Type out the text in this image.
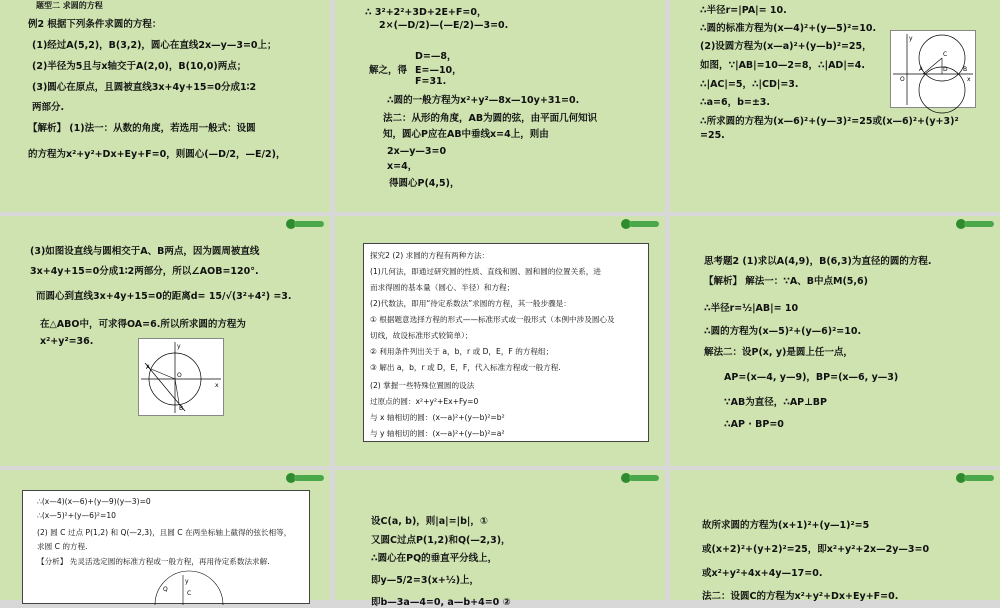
题型二 求圆的方程
例2 根据下列条件求圆的方程：
(1)经过A(5,2)，B(3,2)，圆心在直线2x—y—3=0上；
(2)半径为5且与x轴交于A(2,0)，B(10,0)两点；
(3)圆心在原点，且圆被直线3x+4y+15=0分成1∶2
两部分.
【解析】 (1)法一：从数的角度，若选用一般式：设圆
的方程为x²+y²+Dx+Ey+F=0，则圆心(—D/2，—E/2)，
∴ 3²+2²+3D+2E+F=0，
2×(—D/2)—(—E/2)—3=0.
D=—8，
E=—10，
F=31.
解之，得
∴圆的一般方程为x²+y²—8x—10y+31=0.
法二：从形的角度，AB为圆的弦，由平面几何知识
知，圆心P应在AB中垂线x=4上，则由
2x—y—3=0
x=4，
得圆心P(4,5)，
∴半径r=|PA|= 10.
∴圆的标准方程为(x—4)²+(y—5)²=10.
(2)设圆方程为(x—a)²+(y—b)²=25，
如图，∵|AB|=10—2=8，∴|AD|=4.
∴|AC|=5，∴|CD|=3.
∴a=6，b=±3.
∴所求圆的方程为(x—6)²+(y—3)²=25或(x—6)²+(y+3)²
=25.
y
C
O
A	D	B
x
(3)如图设直线与圆相交于A、B两点，因为圆周被直线
3x+4y+15=0分成1∶2两部分，所以∠AOB=120°.
而圆心到直线3x+4y+15=0的距离d= 15/√(3²+4²) =3.
在△ABO中，可求得OA=6.所以所求圆的方程为
x²+y²=36.	y
A
O
B
x
探究2 (2) 求圆的方程有两种方法：
(1)几何法，即通过研究圆的性质、直线和圆、圆和圆的位置关系，进
而求得圆的基本量（圆心、半径）和方程；
(2)代数法，即用“待定系数法”求圆的方程，其一般步骤是：
① 根据题意选择方程的形式——标准形式或一般形式（本例中涉及圆心及
切线，故设标准形式较简单）；
② 利用条件列出关于 a，b，r 或 D，E，F 的方程组；
③ 解出 a，b，r 或 D，E，F，代入标准方程或一般方程.
(2) 掌握一些特殊位置圆的设法
过原点的圆：x²+y²+Ex+Fy=0
与 x 轴相切的圆：(x—a)²+(y—b)²=b²
与 y 轴相切的圆：(x—a)²+(y—b)²=a²
思考题2 (1)求以A(4,9)，B(6,3)为直径的圆的方程.
【解析】 解法一：∵A、B中点M(5,6)
∴半径r=½|AB|= 10
∴圆的方程为(x—5)²+(y—6)²=10.
解法二：设P(x, y)是圆上任一点，
AP=(x—4, y—9)，BP=(x—6, y—3)
∵AB为直径，∴AP⊥BP
∴AP · BP=0
∴(x—4)(x—6)+(y—9)(y—3)=0
∴(x—5)²+(y—6)²=10
(2) 圆 C 过点 P(1,2) 和 Q(—2,3)，且圆 C 在两坐标轴上截得的弦长相等，
求圆 C 的方程.
【分析】 先灵活选定圆的标准方程或一般方程，再用待定系数法求解.
y
Q
C
设C(a, b)，则|a|=|b|，①
又圆C过点P(1,2)和Q(—2,3)，
∴圆心在PQ的垂直平分线上，
即y—5/2=3(x+½)上，
即b—3a—4=0, a—b+4=0 ②
故所求圆的方程为(x+1)²+(y—1)²=5
或(x+2)²+(y+2)²=25，即x²+y²+2x—2y—3=0
或x²+y²+4x+4y—17=0.
法二：设圆C的方程为x²+y²+Dx+Ey+F=0.
